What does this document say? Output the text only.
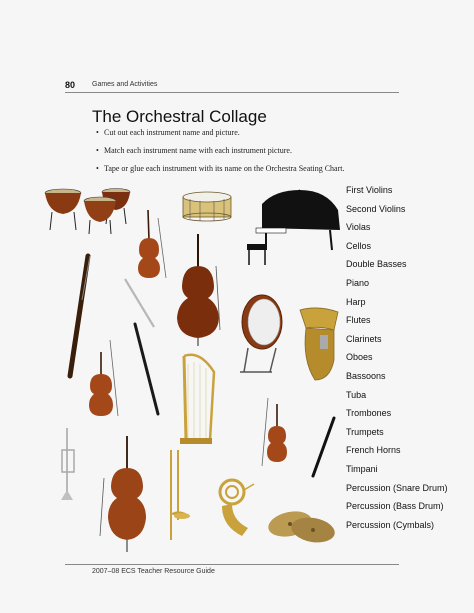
80 Games and Activities
The Orchestral Collage
• Cut out each instrument name and picture.
• Match each instrument name with each instrument picture.
• Tape or glue each instrument with its name on the Orchestra Seating Chart.
First Violins
Second Violins
Violas
Cellos
Double Basses
Piano
Harp
Flutes
Clarinets
Oboes
Bassoons
Tuba
Trombones
Trumpets
French Horns
Timpani
Percussion (Snare Drum)
Percussion (Bass Drum)
Percussion (Cymbals)
2007–08 ECS Teacher Resource Guide
